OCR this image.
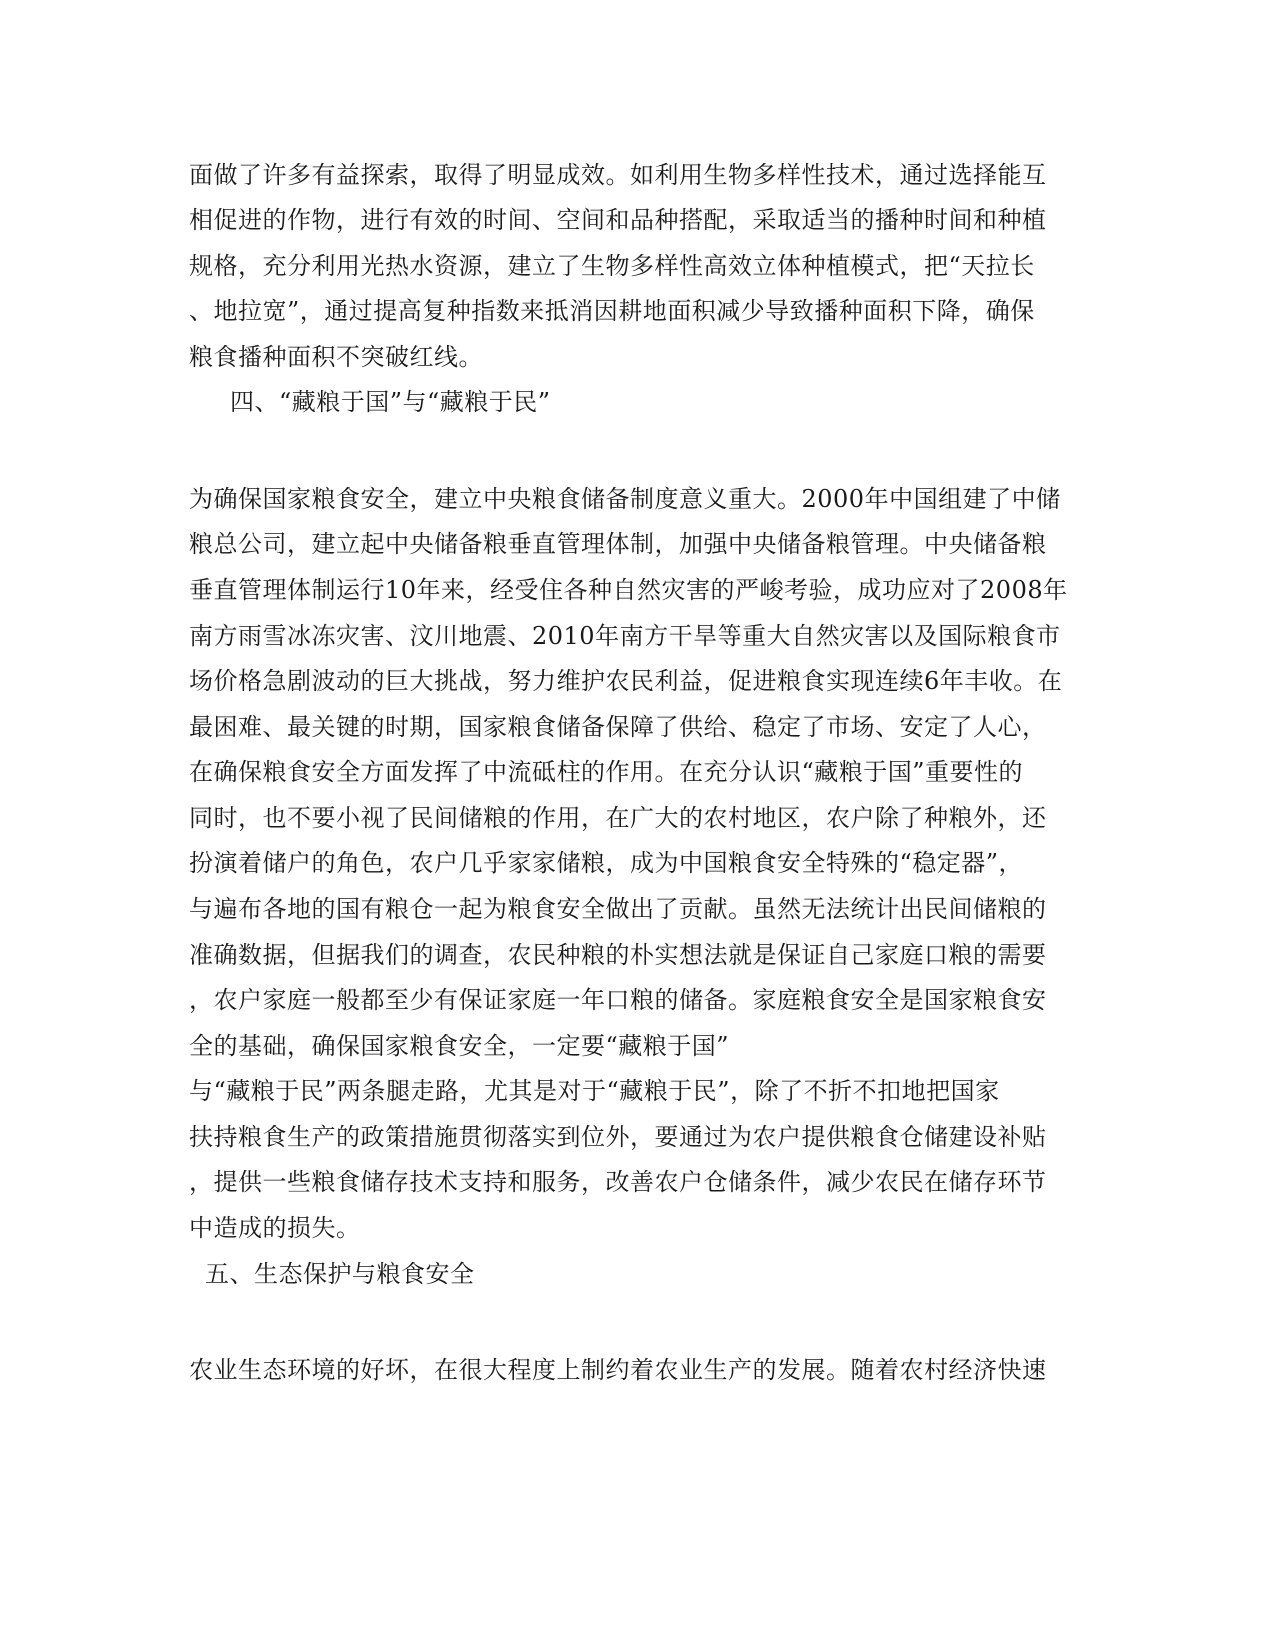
面做了许多有益探索，取得了明显成效。如利用生物多样性技术，通过选择能互
相促进的作物，进行有效的时间、空间和品种搭配，采取适当的播种时间和种植
规格，充分利用光热水资源，建立了生物多样性高效立体种植模式，把“天拉长
、地拉宽”，通过提高复种指数来抵消因耕地面积减少导致播种面积下降，确保
粮食播种面积不突破红线。
四、“藏粮于国”与“藏粮于民”
为确保国家粮食安全，建立中央粮食储备制度意义重大。2000年中国组建了中储
粮总公司，建立起中央储备粮垂直管理体制，加强中央储备粮管理。中央储备粮
垂直管理体制运行10年来，经受住各种自然灾害的严峻考验，成功应对了2008年
南方雨雪冰冻灾害、汶川地震、2010年南方干旱等重大自然灾害以及国际粮食市
场价格急剧波动的巨大挑战，努力维护农民利益，促进粮食实现连续6年丰收。在
最困难、最关键的时期，国家粮食储备保障了供给、稳定了市场、安定了人心，
在确保粮食安全方面发挥了中流砥柱的作用。在充分认识“藏粮于国”重要性的
同时，也不要小视了民间储粮的作用，在广大的农村地区，农户除了种粮外，还
扮演着储户的角色，农户几乎家家储粮，成为中国粮食安全特殊的“稳定器”，
与遍布各地的国有粮仓一起为粮食安全做出了贡献。虽然无法统计出民间储粮的
准确数据，但据我们的调查，农民种粮的朴实想法就是保证自己家庭口粮的需要
，农户家庭一般都至少有保证家庭一年口粮的储备。家庭粮食安全是国家粮食安
全的基础，确保国家粮食安全，一定要“藏粮于国”
与“藏粮于民”两条腿走路，尤其是对于“藏粮于民”，除了不折不扣地把国家
扶持粮食生产的政策措施贯彻落实到位外，要通过为农户提供粮食仓储建设补贴
，提供一些粮食储存技术支持和服务，改善农户仓储条件，减少农民在储存环节
中造成的损失。
五、生态保护与粮食安全
农业生态环境的好坏，在很大程度上制约着农业生产的发展。随着农村经济快速
